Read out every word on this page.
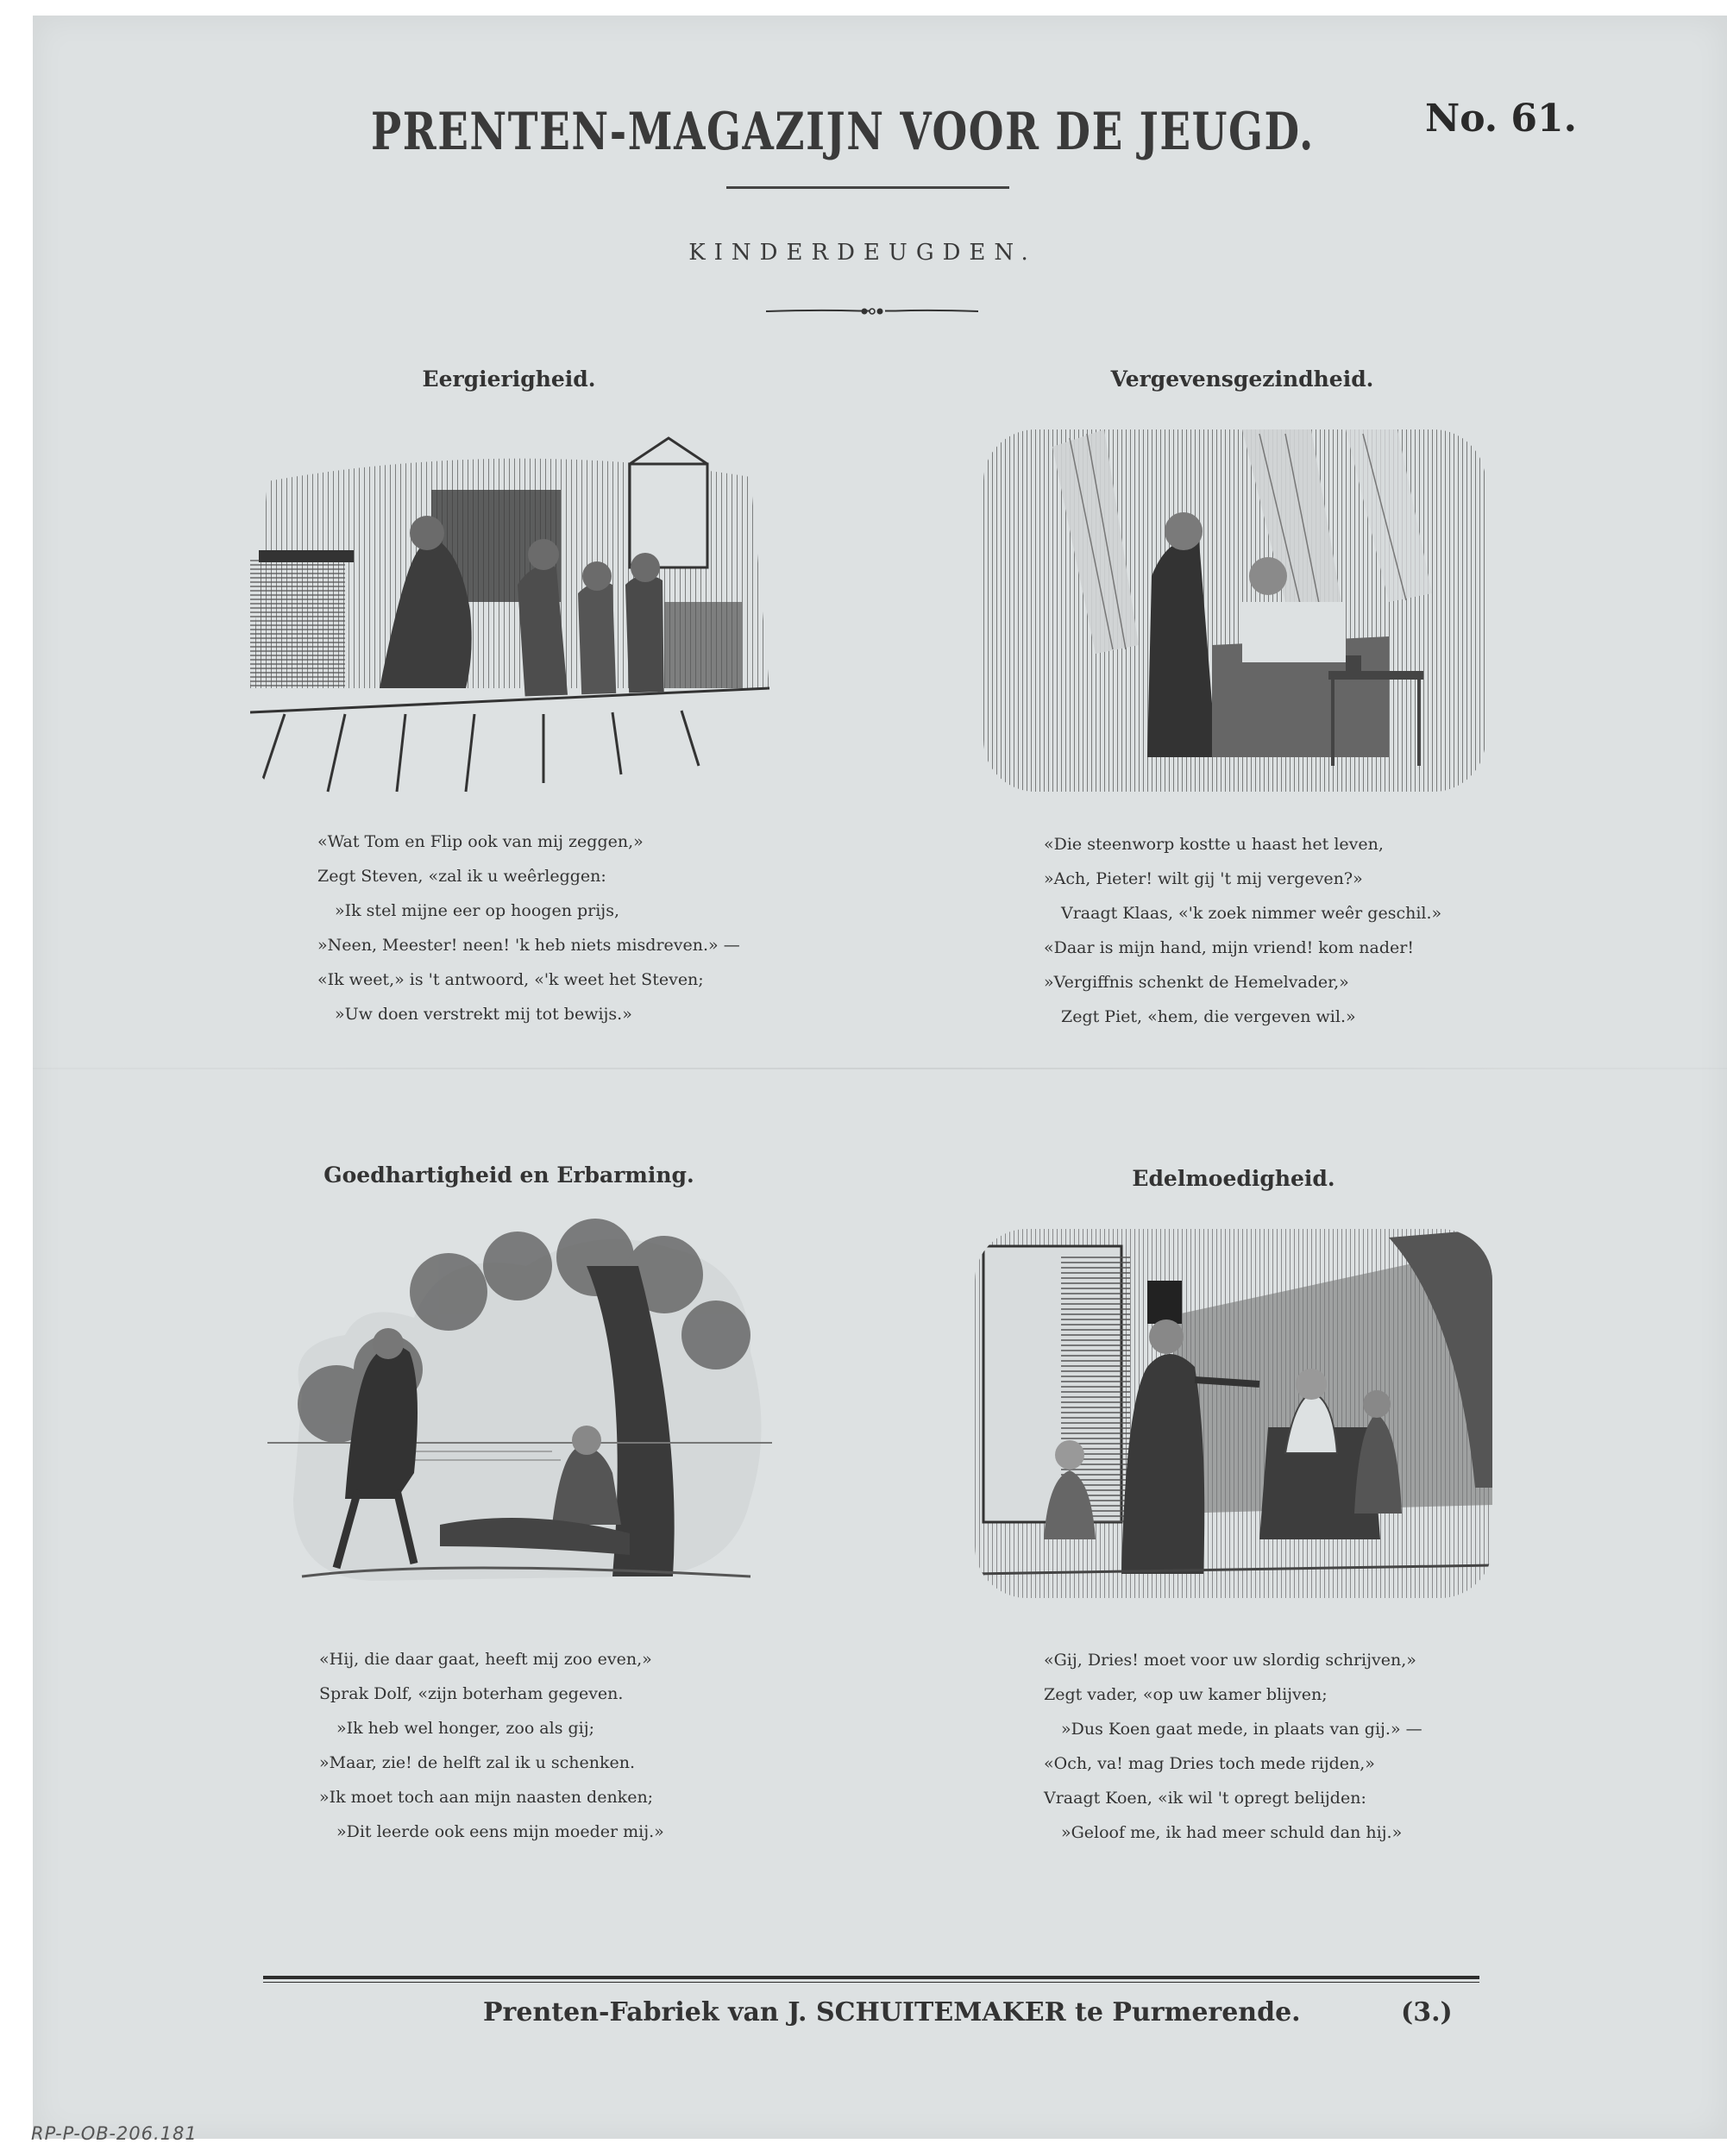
PRENTEN-MAGAZIJN VOOR DE JEUGD.	No. 61.
KINDERDEUGDEN.
Eergierigheid.
«Wat Tom en Flip ook van mij zeggen,»
Zegt Steven, «zal ik u weêrleggen:
»Ik stel mijne eer op hoogen prijs,
»Neen, Meester! neen! 'k heb niets misdreven.» —
«Ik weet,» is 't antwoord, «'k weet het Steven;
»Uw doen verstrekt mij tot bewijs.»
Vergevensgezindheid.
«Die steenworp kostte u haast het leven,
»Ach, Pieter! wilt gij 't mij vergeven?»
Vraagt Klaas, «'k zoek nimmer weêr geschil.»
«Daar is mijn hand, mijn vriend! kom nader!
»Vergiffnis schenkt de Hemelvader,»
Zegt Piet, «hem, die vergeven wil.»
Goedhartigheid en Erbarming.
«Hij, die daar gaat, heeft mij zoo even,»
Sprak Dolf, «zijn boterham gegeven.
»Ik heb wel honger, zoo als gij;
»Maar, zie! de helft zal ik u schenken.
»Ik moet toch aan mijn naasten denken;
»Dit leerde ook eens mijn moeder mij.»
Edelmoedigheid.
«Gij, Dries! moet voor uw slordig schrijven,»
Zegt vader, «op uw kamer blijven;
»Dus Koen gaat mede, in plaats van gij.» —
«Och, va! mag Dries toch mede rijden,»
Vraagt Koen, «ik wil 't opregt belijden:
»Geloof me, ik had meer schuld dan hij.»
Prenten-Fabriek van J. SCHUITEMAKER te Purmerende.	(3.)
RP-P-OB-206.181
